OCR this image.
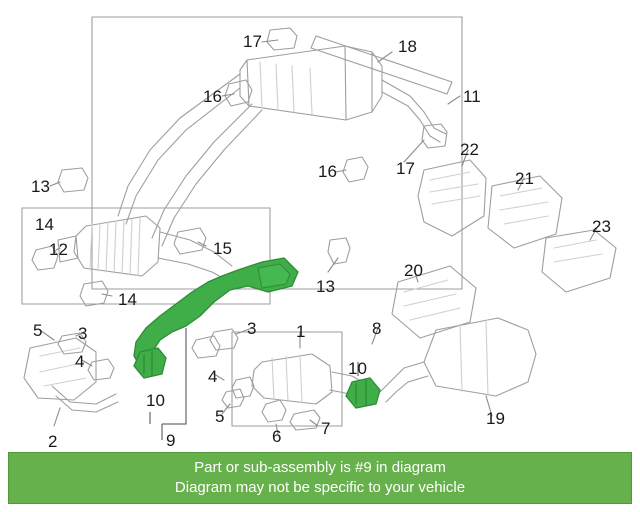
17	18
16	11
16	17
22
21
13
23
14
12	15
13
20
14
5 3	3 1	8
4
4
10
10
5
6 7
2	9
19
Part or sub-assembly is #9 in diagram
Diagram may not be specific to your vehicle
